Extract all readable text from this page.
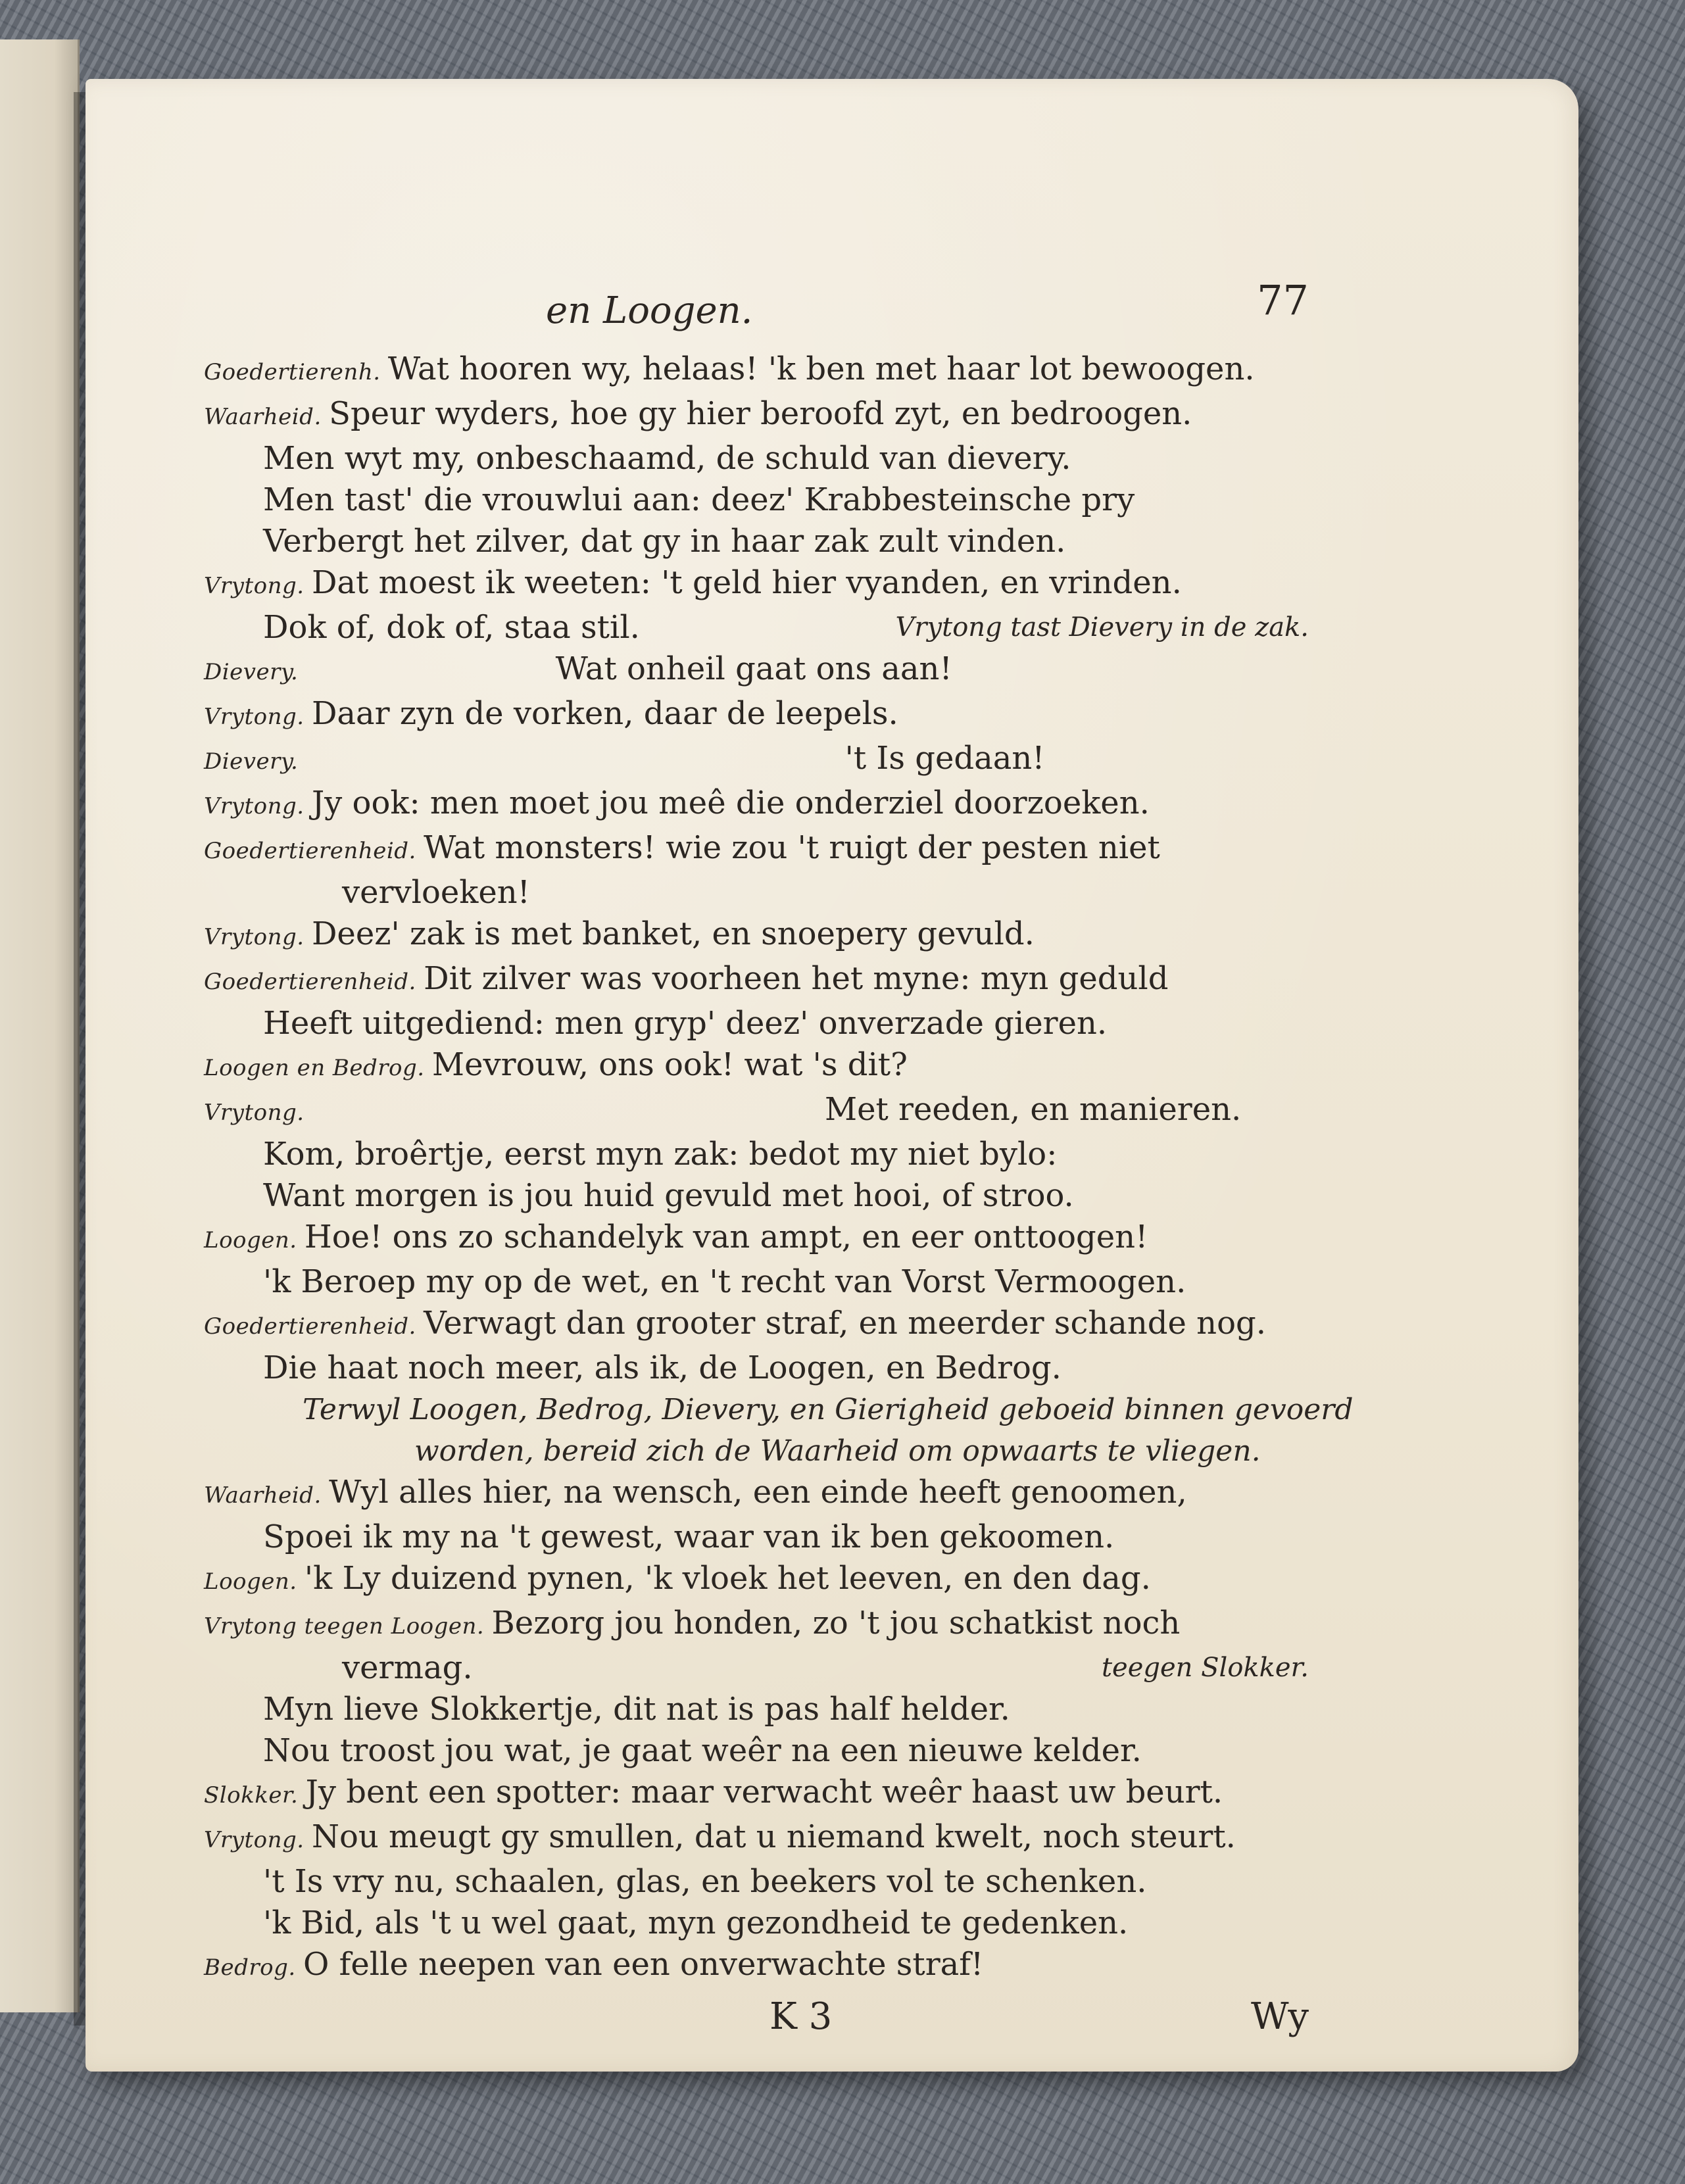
en Loogen.	77
Goedertierenh. Wat hooren wy, helaas! 'k ben met haar lot bewoogen.
Waarheid. Speur wyders, hoe gy hier beroofd zyt, en bedroogen.
Men wyt my, onbeschaamd, de schuld van dievery.
Men tast' die vrouwlui aan: deez' Krabbesteinsche pry
Verbergt het zilver, dat gy in haar zak zult vinden.
Vrytong. Dat moest ik weeten: 't geld hier vyanden, en vrinden.
Dok of, dok of, staa stil.	Vrytong tast Dievery in de zak.
Dievery.	Wat onheil gaat ons aan!
Vrytong. Daar zyn de vorken, daar de leepels.
Dievery.	't Is gedaan!
Vrytong. Jy ook: men moet jou meê die onderziel doorzoeken.
Goedertierenheid. Wat monsters! wie zou 't ruigt der pesten niet
vervloeken!
Vrytong. Deez' zak is met banket, en snoepery gevuld.
Goedertierenheid. Dit zilver was voorheen het myne: myn geduld
Heeft uitgediend: men gryp' deez' onverzade gieren.
Loogen en Bedrog. Mevrouw, ons ook! wat 's dit?
Vrytong.	Met reeden, en manieren.
Kom, broêrtje, eerst myn zak: bedot my niet bylo:
Want morgen is jou huid gevuld met hooi, of stroo.
Loogen. Hoe! ons zo schandelyk van ampt, en eer onttoogen!
'k Beroep my op de wet, en 't recht van Vorst Vermoogen.
Goedertierenheid. Verwagt dan grooter straf, en meerder schande nog.
Die haat noch meer, als ik, de Loogen, en Bedrog.
Terwyl Loogen, Bedrog, Dievery, en Gierigheid geboeid binnen gevoerd
worden, bereid zich de Waarheid om opwaarts te vliegen.
Waarheid. Wyl alles hier, na wensch, een einde heeft genoomen,
Spoei ik my na 't gewest, waar van ik ben gekoomen.
Loogen. 'k Ly duizend pynen, 'k vloek het leeven, en den dag.
Vrytong teegen Loogen. Bezorg jou honden, zo 't jou schatkist noch
vermag.	teegen Slokker.
Myn lieve Slokkertje, dit nat is pas half helder.
Nou troost jou wat, je gaat weêr na een nieuwe kelder.
Slokker. Jy bent een spotter: maar verwacht weêr haast uw beurt.
Vrytong. Nou meugt gy smullen, dat u niemand kwelt, noch steurt.
't Is vry nu, schaalen, glas, en beekers vol te schenken.
'k Bid, als 't u wel gaat, myn gezondheid te gedenken.
Bedrog. O felle neepen van een onverwachte straf!
K 3	Wy
